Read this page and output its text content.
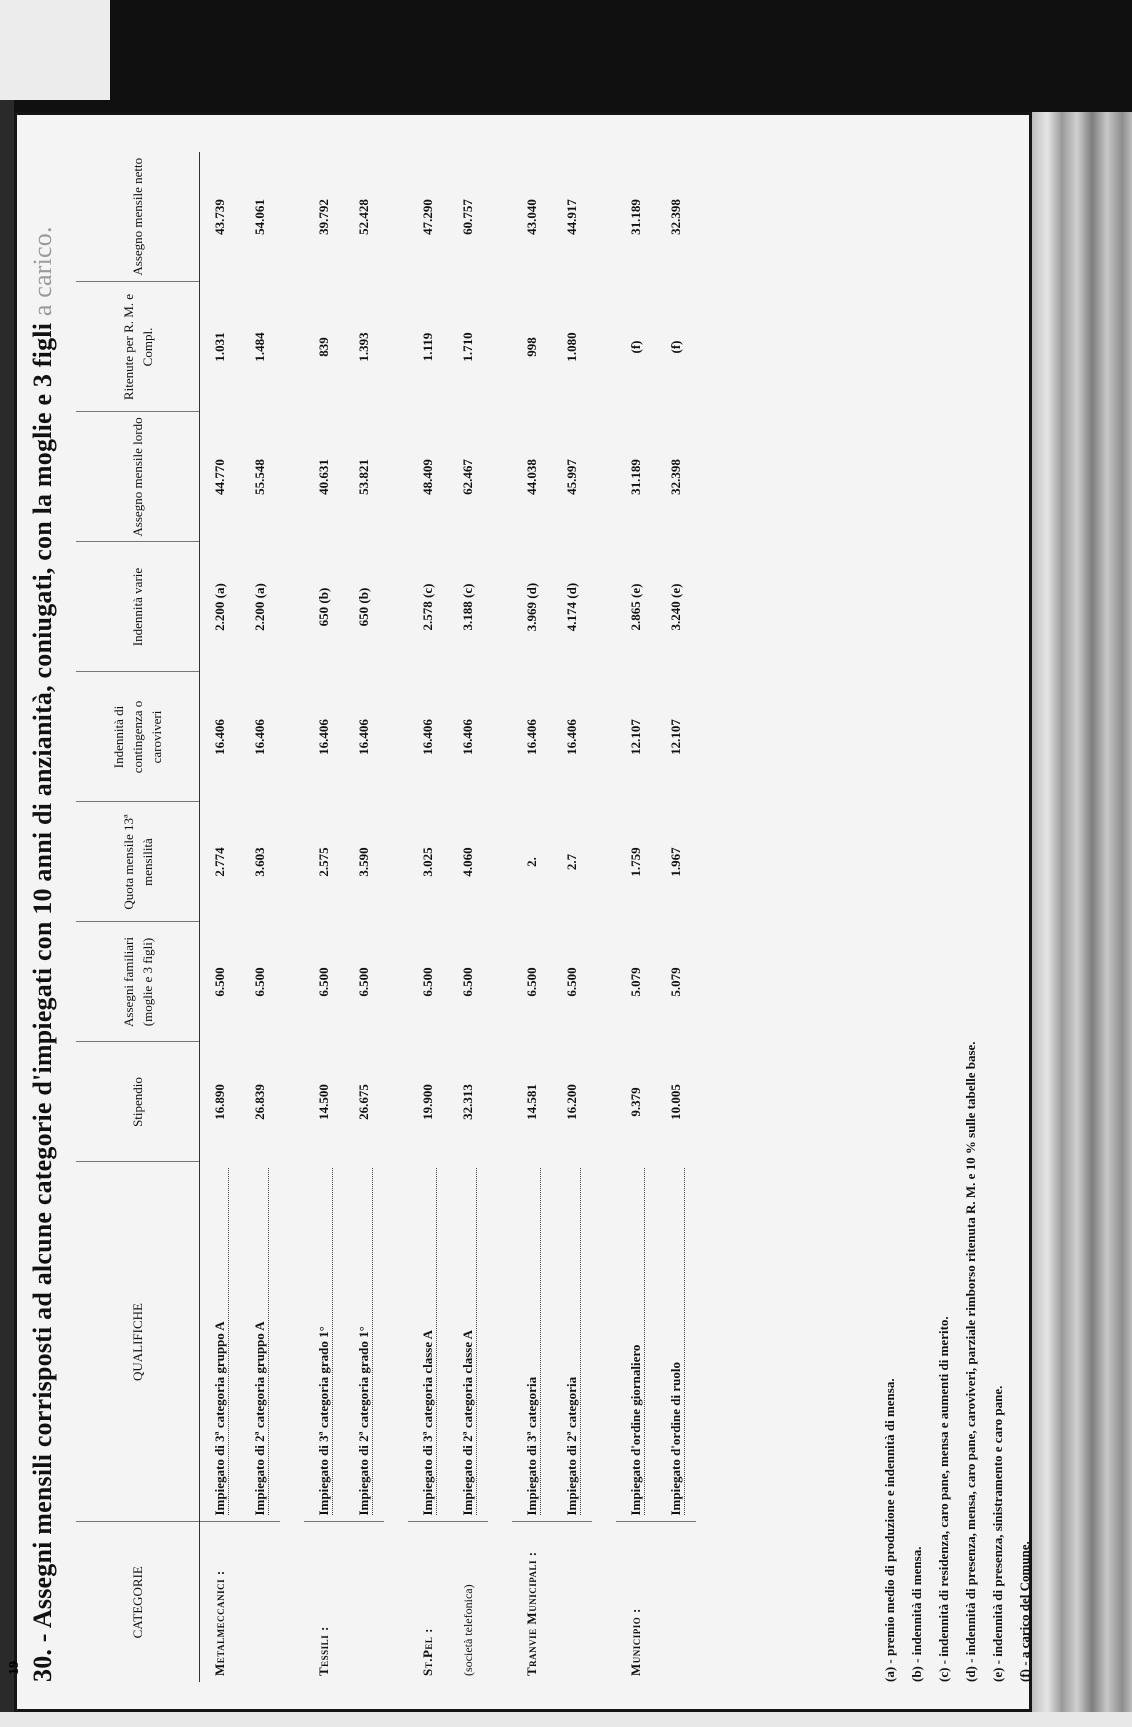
30. - Assegni mensili corrisposti ad alcune categorie d'impiegati con 10 anni di anzianità, coniugati, con la moglie e 3 figli a carico.
CATEGORIE	QUALIFICHE	Stipendio	Assegni familiari (moglie e 3 figli)	Quota mensile 13ª mensilità	Indennità di contingenza o caroviveri	Indennità varie	Assegno mensile lordo	Ritenute per R. M. e Compl.	Assegno mensile netto
Metalmeccanici :	Impiegato di 3ª categoria gruppo A	16.890	6.500	2.774	16.406	2.200 (a)	44.770	1.031	43.739
	Impiegato di 2ª categoria gruppo A	26.839	6.500	3.603	16.406	2.200 (a)	55.548	1.484	54.061

Tessili :	Impiegato di 3ª categoria grado 1°	14.500	6.500	2.575	16.406	650 (b)	40.631	839	39.792
	Impiegato di 2ª categoria grado 1°	26.675	6.500	3.590	16.406	650 (b)	53.821	1.393	52.428

St.Pel :	Impiegato di 3ª categoria classe A	19.900	6.500	3.025	16.406	2.578 (c)	48.409	1.119	47.290
(società telefonica)	Impiegato di 2ª categoria classe A	32.313	6.500	4.060	16.406	3.188 (c)	62.467	1.710	60.757

Tranvie Municipali :	Impiegato di 3ª categoria	14.581	6.500	2.	16.406	3.969 (d)	44.038	998	43.040
	Impiegato di 2ª categoria	16.200	6.500	2.7	16.406	4.174 (d)	45.997	1.080	44.917

Municipio :	Impiegato d'ordine giornaliero	9.379	5.079	1.759	12.107	2.865 (e)	31.189	(f)	31.189
	Impiegato d'ordine di ruolo	10.005	5.079	1.967	12.107	3.240 (e)	32.398	(f)	32.398
(a) - premio medio di produzione e indennità di mensa. (b) - indennità di mensa. (c) - indennità di residenza, caro pane, mensa e aumenti di merito. (d) - indennità di presenza, mensa, caro pane, caroviveri, parziale rimborso ritenuta R. M. e 10 % sulle tabelle base. (e) - indennità di presenza, sinistramento e caro pane. (f) - a carico del Comune.
19
